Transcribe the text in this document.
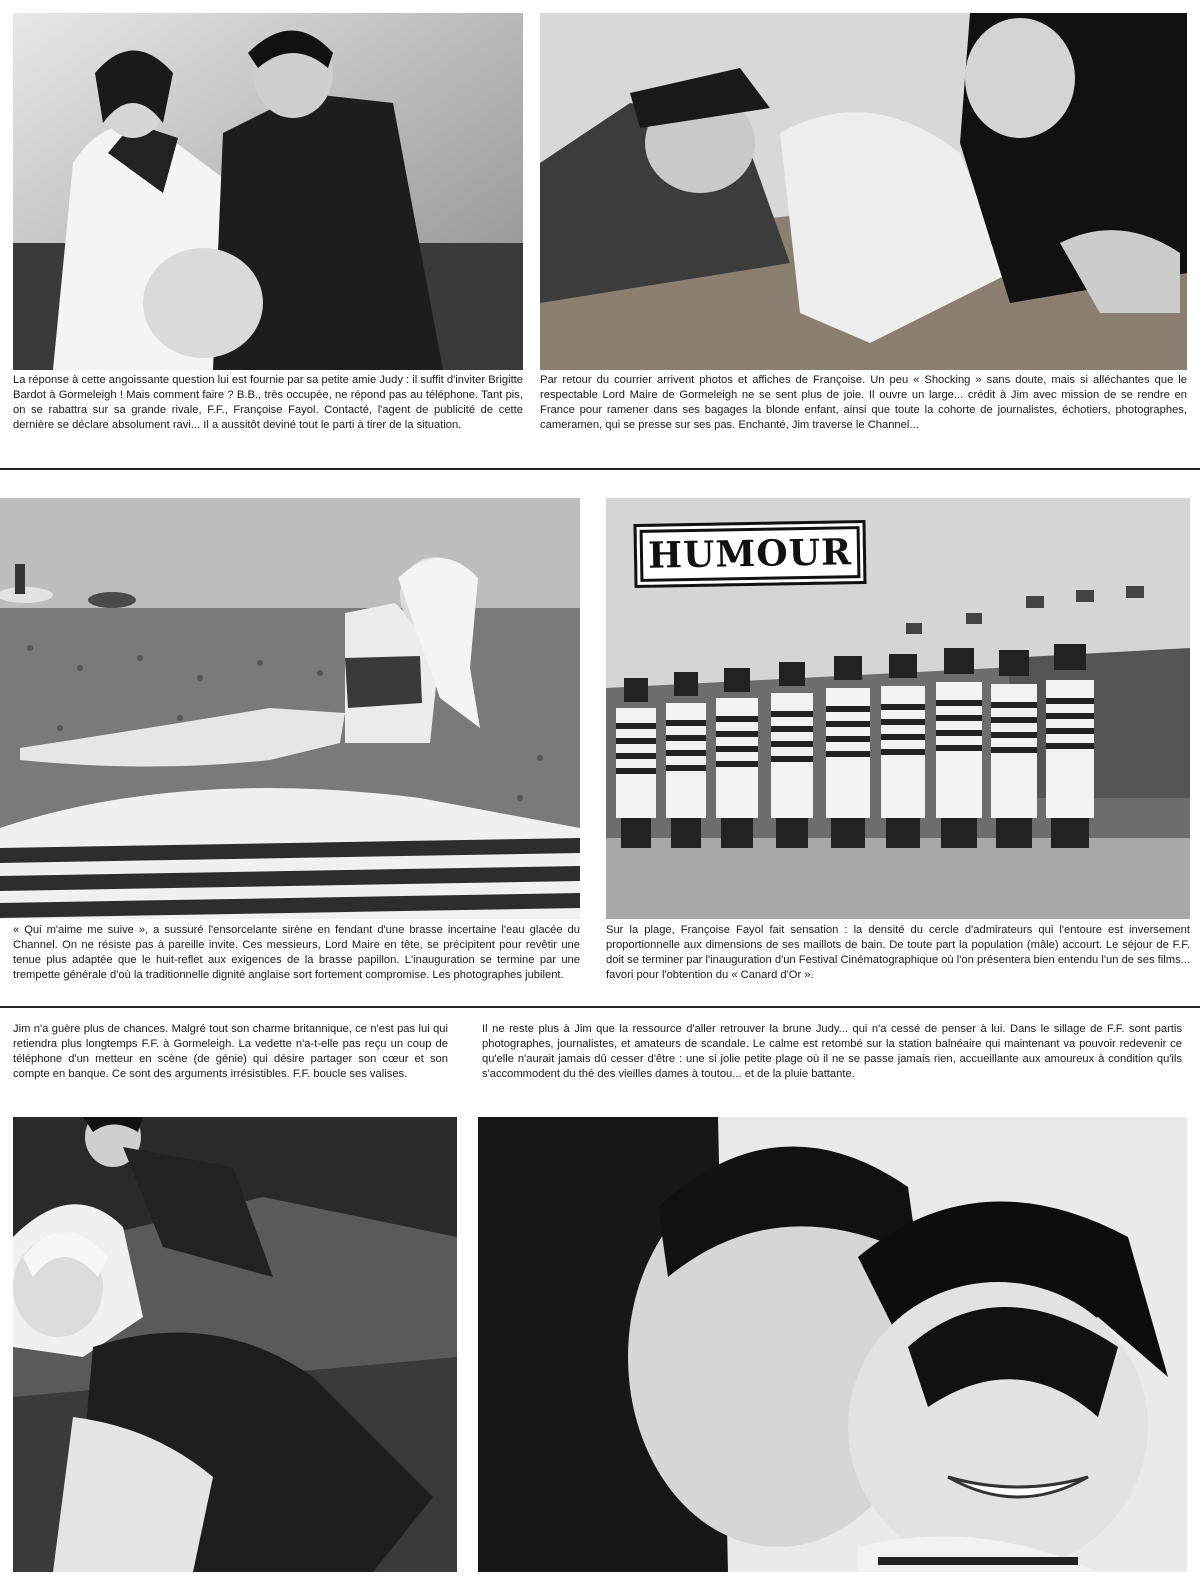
La réponse à cette angoissante question lui est fournie par sa petite amie Judy : il suffit d'inviter Brigitte Bardot à Gormeleigh ! Mais comment faire ? B.B., très occupée, ne répond pas au téléphone. Tant pis, on se rabattra sur sa grande rivale, F.F., Françoise Fayol. Contacté, l'agent de publicité de cette dernière se déclare absolument ravi... Il a aussitôt deviné tout le parti à tirer de la situation.

Par retour du courrier arrivent photos et affiches de Françoise. Un peu « Shocking » sans doute, mais si alléchantes que le respectable Lord Maire de Gormeleigh ne se sent plus de joie. Il ouvre un large... crédit à Jim avec mission de se rendre en France pour ramener dans ses bagages la blonde enfant, ainsi que toute la cohorte de journalistes, échotiers, photographes, cameramen, qui se presse sur ses pas. Enchanté, Jim traverse le Channel...

HUMOUR

« Qui m'aime me suive », a sussuré l'ensorcelante sirène en fendant d'une brasse incertaine l'eau glacée du Channel. On ne résiste pas à pareille invite. Ces messieurs, Lord Maire en tête, se précipitent pour revêtir une tenue plus adaptée que le huit-reflet aux exigences de la brasse papillon. L'inauguration se termine par une trempette générale d'où la traditionnelle dignité anglaise sort fortement compromise. Les photographes jubilent.

Sur la plage, Françoise Fayol fait sensation : la densité du cercle d'admirateurs qui l'entoure est inversement proportionnelle aux dimensions de ses maillots de bain. De toute part la population (mâle) accourt. Le séjour de F.F. doit se terminer par l'inauguration d'un Festival Cinématographique où l'on présentera bien entendu l'un de ses films... favori pour l'obtention du « Canard d'Or ».

Jim n'a guère plus de chances. Malgré tout son charme britannique, ce n'est pas lui qui retiendra plus longtemps F.F. à Gormeleigh. La vedette n'a-t-elle pas reçu un coup de téléphone d'un metteur en scène (de génie) qui désire partager son cœur et son compte en banque. Ce sont des arguments irrésistibles. F.F. boucle ses valises.

Il ne reste plus à Jim que la ressource d'aller retrouver la brune Judy... qui n'a cessé de penser à lui. Dans le sillage de F.F. sont partis photographes, journalistes, et amateurs de scandale. Le calme est retombé sur la station balnéaire qui maintenant va pouvoir redevenir ce qu'elle n'aurait jamais dû cesser d'être : une si jolie petite plage où il ne se passe jamais rien, accueillante aux amoureux à condition qu'ils s'accommodent du thé des vieilles dames à toutou... et de la pluie battante.
